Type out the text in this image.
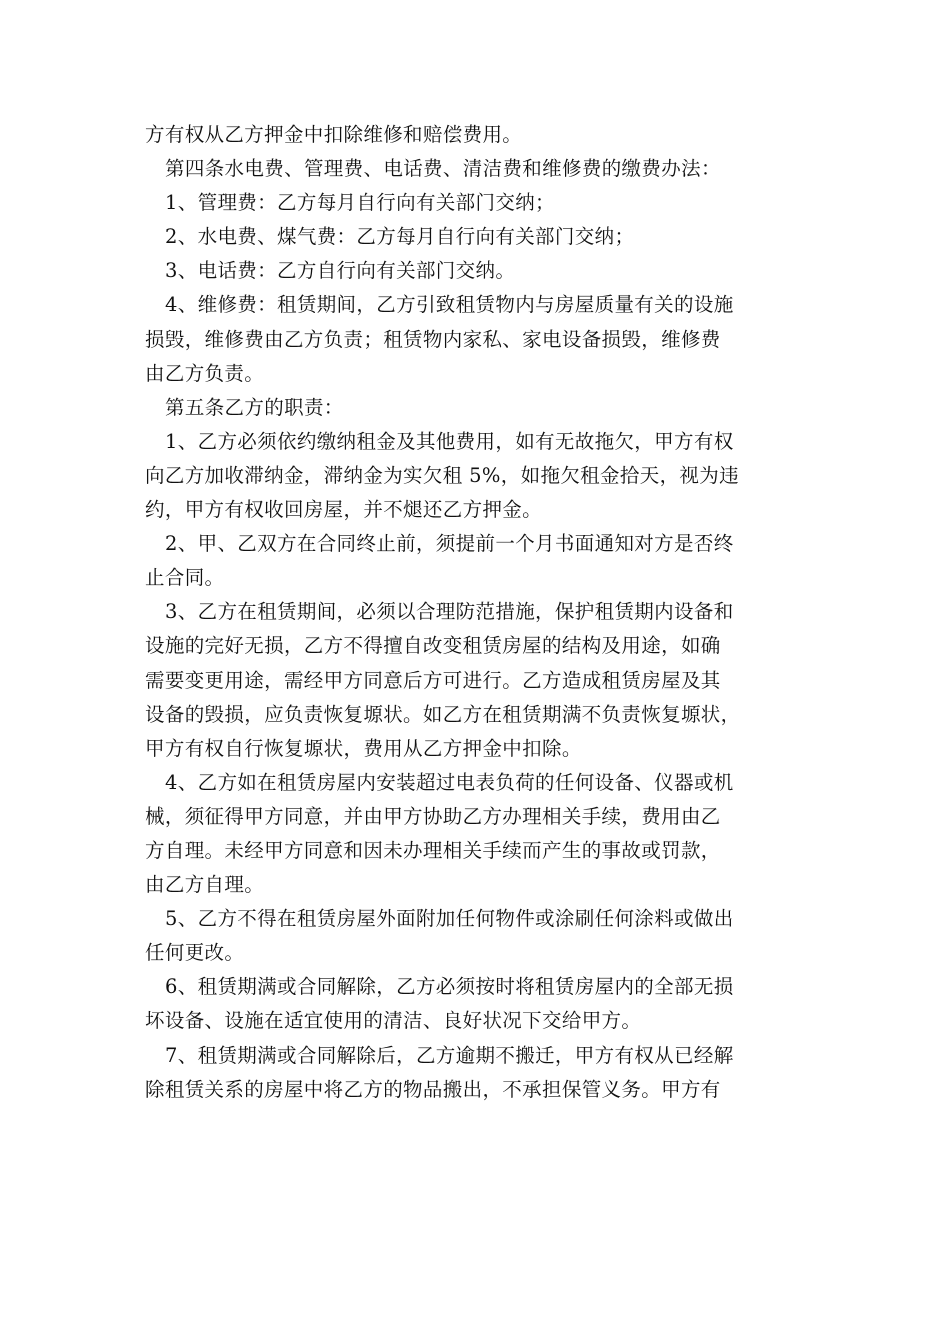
方有权从乙方押金中扣除维修和赔偿费用。
第四条水电费、管理费、电话费、清洁费和维修费的缴费办法：
1、管理费：乙方每月自行向有关部门交纳；
2、水电费、煤气费：乙方每月自行向有关部门交纳；
3、电话费：乙方自行向有关部门交纳。
4、维修费：租赁期间，乙方引致租赁物内与房屋质量有关的设施
损毁，维修费由乙方负责；租赁物内家私、家电设备损毁，维修费
由乙方负责。
第五条乙方的职责：
1、乙方必须依约缴纳租金及其他费用，如有无故拖欠，甲方有权
向乙方加收滞纳金，滞纳金为实欠租 5%，如拖欠租金拾天，视为违
约，甲方有权收回房屋，并不煺还乙方押金。
2、甲、乙双方在合同终止前，须提前一个月书面通知对方是否终
止合同。
3、乙方在租赁期间，必须以合理防范措施，保护租赁期内设备和
设施的完好无损，乙方不得擅自改变租赁房屋的结构及用途，如确
需要变更用途，需经甲方同意后方可进行。乙方造成租赁房屋及其
设备的毁损，应负责恢复塬状。如乙方在租赁期满不负责恢复塬状，
甲方有权自行恢复塬状，费用从乙方押金中扣除。
4、乙方如在租赁房屋内安装超过电表负荷的任何设备、仪器或机
械，须征得甲方同意，并由甲方协助乙方办理相关手续，费用由乙
方自理。未经甲方同意和因未办理相关手续而产生的事故或罚款，
由乙方自理。
5、乙方不得在租赁房屋外面附加任何物件或涂刷任何涂料或做出
任何更改。
6、租赁期满或合同解除，乙方必须按时将租赁房屋内的全部无损
坏设备、设施在适宜使用的清洁、良好状况下交给甲方。
7、租赁期满或合同解除后，乙方逾期不搬迁，甲方有权从已经解
除租赁关系的房屋中将乙方的物品搬出，不承担保管义务。甲方有
